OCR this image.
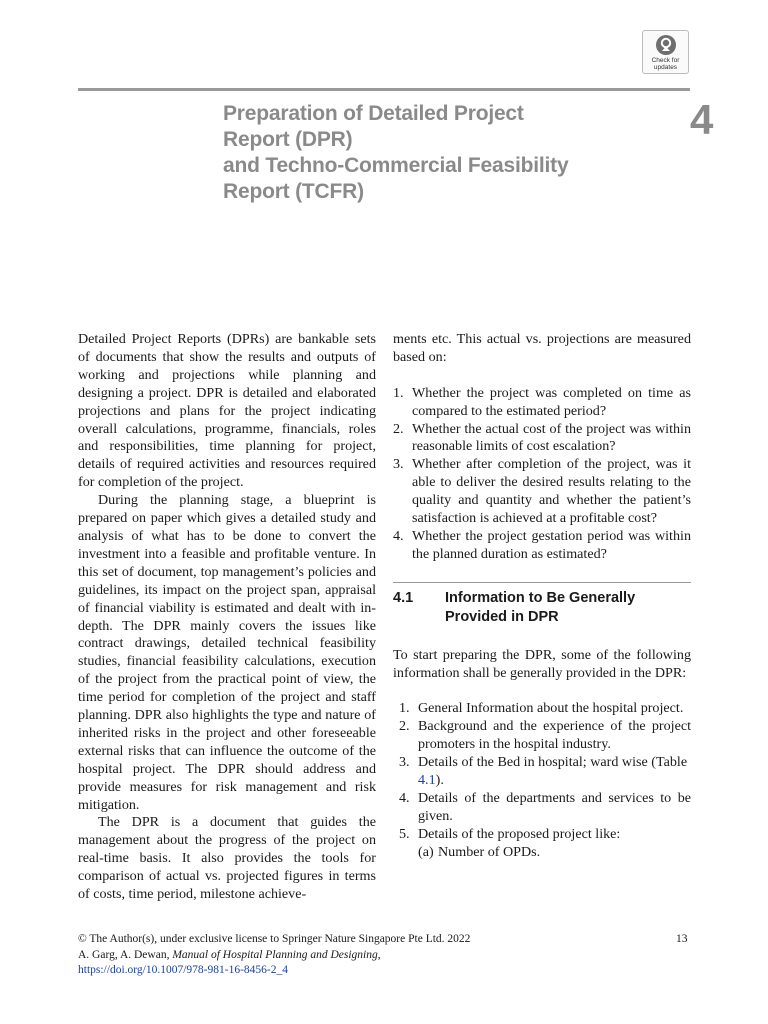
Check for
updates
Preparation of Detailed Project
Report (DPR)
and Techno-Commercial Feasibility
Report (TCFR)
4

Detailed Project Reports (DPRs) are bankable sets of documents that show the results and outputs of working and projections while planning and designing a project. DPR is detailed and elaborated projections and plans for the project indicating overall calculations, programme, financials, roles and responsibilities, time planning for project, details of required activities and resources required for completion of the project.

During the planning stage, a blueprint is prepared on paper which gives a detailed study and analysis of what has to be done to convert the investment into a feasible and profitable venture. In this set of document, top management’s policies and guidelines, its impact on the project span, appraisal of financial viability is estimated and dealt with in-depth. The DPR mainly covers the issues like contract drawings, detailed technical feasibility studies, financial feasibility calculations, execution of the project from the practical point of view, the time period for completion of the project and staff planning. DPR also highlights the type and nature of inherited risks in the project and other foreseeable external risks that can influence the outcome of the hospital project. The DPR should address and provide measures for risk management and risk mitigation.

The DPR is a document that guides the management about the progress of the project on real-time basis. It also provides the tools for comparison of actual vs. projected figures in terms of costs, time period, milestone achieve-

ments etc. This actual vs. projections are measured based on:

1. Whether the project was completed on time as compared to the estimated period?
2. Whether the actual cost of the project was within reasonable limits of cost escalation?
3. Whether after completion of the project, was it able to deliver the desired results relating to the quality and quantity and whether the patient’s satisfaction is achieved at a profitable cost?
4. Whether the project gestation period was within the planned duration as estimated?
4.1	Information to Be Generally Provided in DPR

To start preparing the DPR, some of the following information shall be generally provided in the DPR:

1. General Information about the hospital project.
2. Background and the experience of the project promoters in the hospital industry.
3. Details of the Bed in hospital; ward wise (Table 4.1).
4. Details of the departments and services to be given.
5. Details of the proposed project like:
(a) Number of OPDs.
© The Author(s), under exclusive license to Springer Nature Singapore Pte Ltd. 2022
A. Garg, A. Dewan, Manual of Hospital Planning and Designing,
https://doi.org/10.1007/978-981-16-8456-2_4
13
